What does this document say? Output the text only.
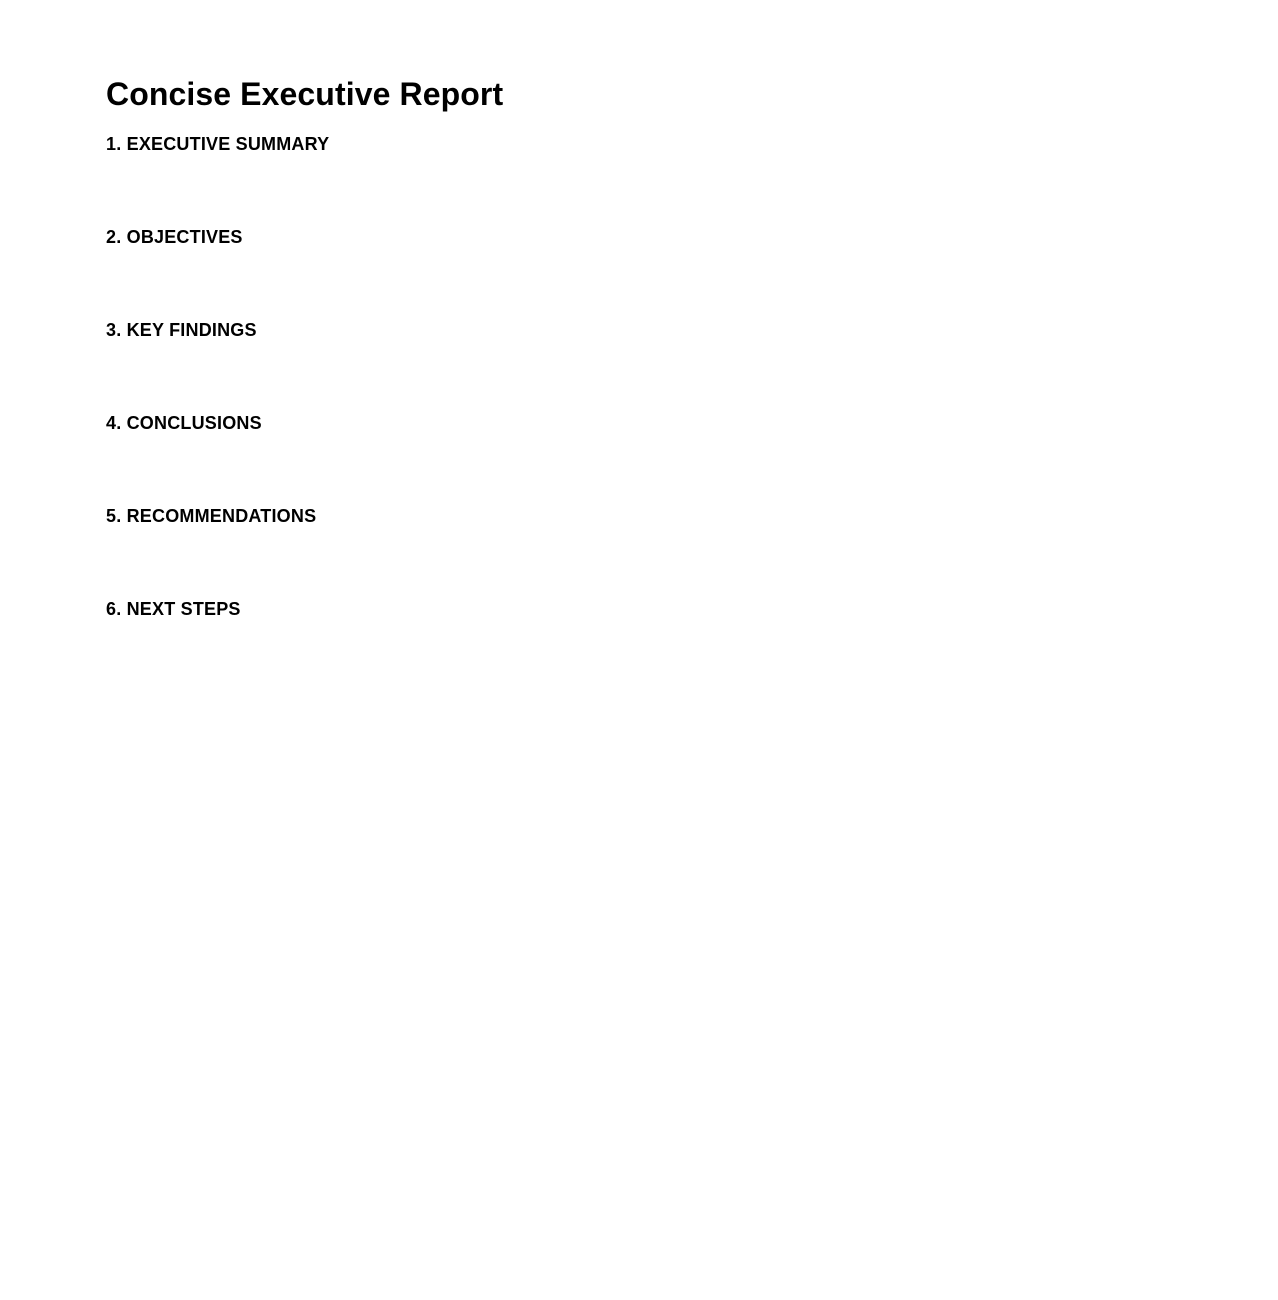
Concise Executive Report
1. EXECUTIVE SUMMARY

2. OBJECTIVES

3. KEY FINDINGS

4. CONCLUSIONS

5. RECOMMENDATIONS

6. NEXT STEPS
